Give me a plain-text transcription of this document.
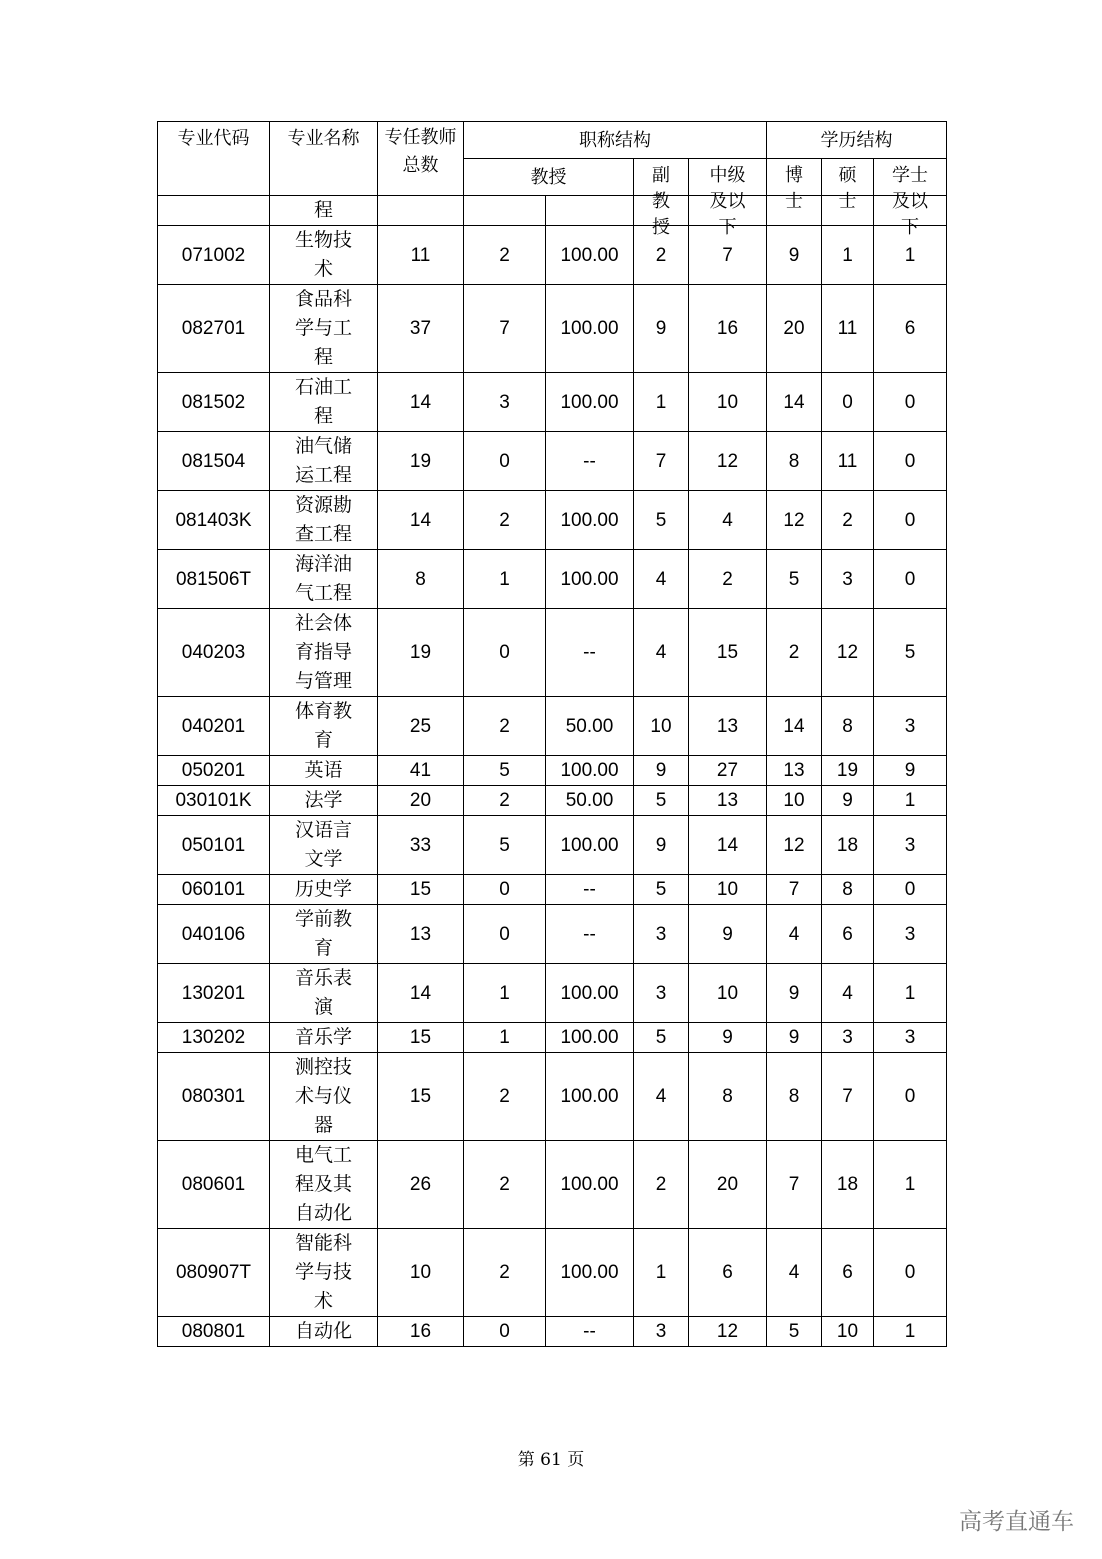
专业代码	专业名称	专任教师总数	职称结构				学历结构		
			教授		副教授	中级及以下	博士	硕士	学士及以下

	程								
071002	生物技术	11	2	100.00	2	7	9	1	1
082701	食品科学与工程	37	7	100.00	9	16	20	11	6
081502	石油工程	14	3	100.00	1	10	14	0	0
081504	油气储运工程	19	0	--	7	12	8	11	0
081403K	资源勘查工程	14	2	100.00	5	4	12	2	0
081506T	海洋油气工程	8	1	100.00	4	2	5	3	0
040203	社会体育指导与管理	19	0	--	4	15	2	12	5
040201	体育教育	25	2	50.00	10	13	14	8	3
050201	英语	41	5	100.00	9	27	13	19	9
030101K	法学	20	2	50.00	5	13	10	9	1
050101	汉语言文学	33	5	100.00	9	14	12	18	3
060101	历史学	15	0	--	5	10	7	8	0
040106	学前教育	13	0	--	3	9	4	6	3
130201	音乐表演	14	1	100.00	3	10	9	4	1
130202	音乐学	15	1	100.00	5	9	9	3	3
080301	测控技术与仪器	15	2	100.00	4	8	8	7	0
080601	电气工程及其自动化	26	2	100.00	2	20	7	18	1
080907T	智能科学与技术	10	2	100.00	1	6	4	6	0
080801	自动化	16	0	--	3	12	5	10	1
第 61 页
高考直通车
